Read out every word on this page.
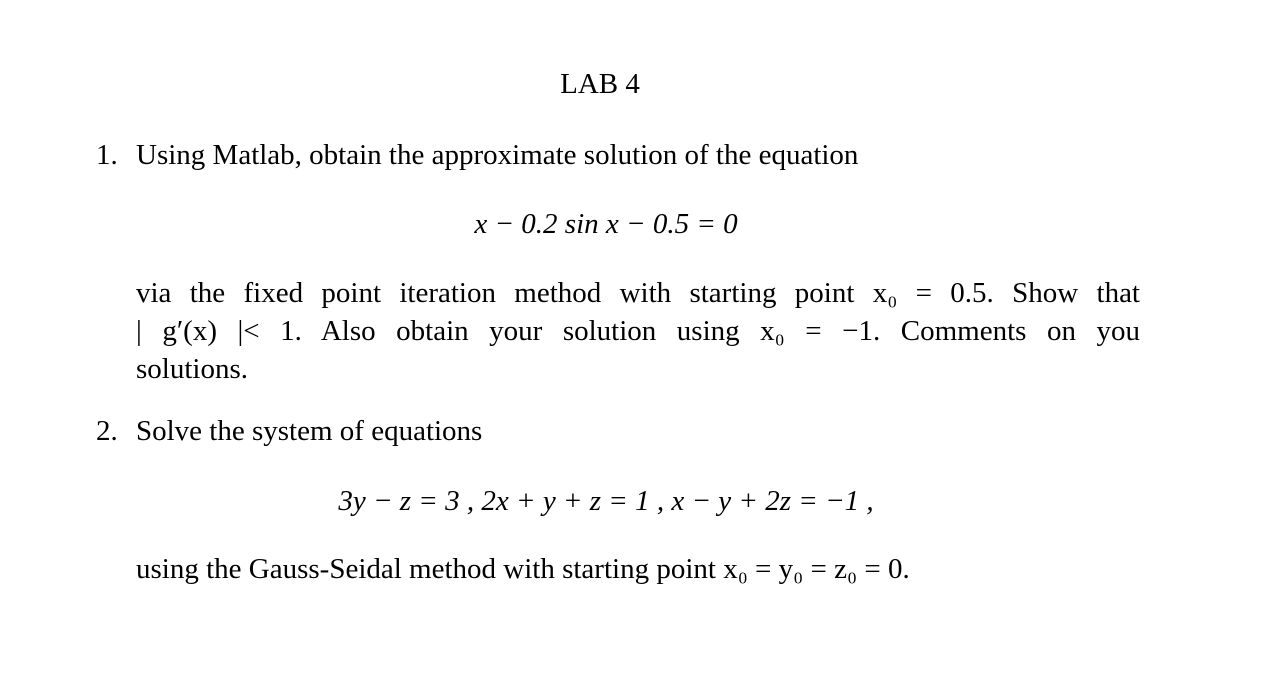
LAB 4
1. Using Matlab, obtain the approximate solution of the equation
x − 0.2 sin x − 0.5 = 0
via the fixed point iteration method with starting point x₀ = 0.5. Show that
| g′(x) |< 1. Also obtain your solution using x₀ = −1. Comments on you
solutions.
2. Solve the system of equations
3y − z = 3 , 2x + y + z = 1 , x − y + 2z = −1 ,
using the Gauss-Seidal method with starting point x₀ = y₀ = z₀ = 0.
